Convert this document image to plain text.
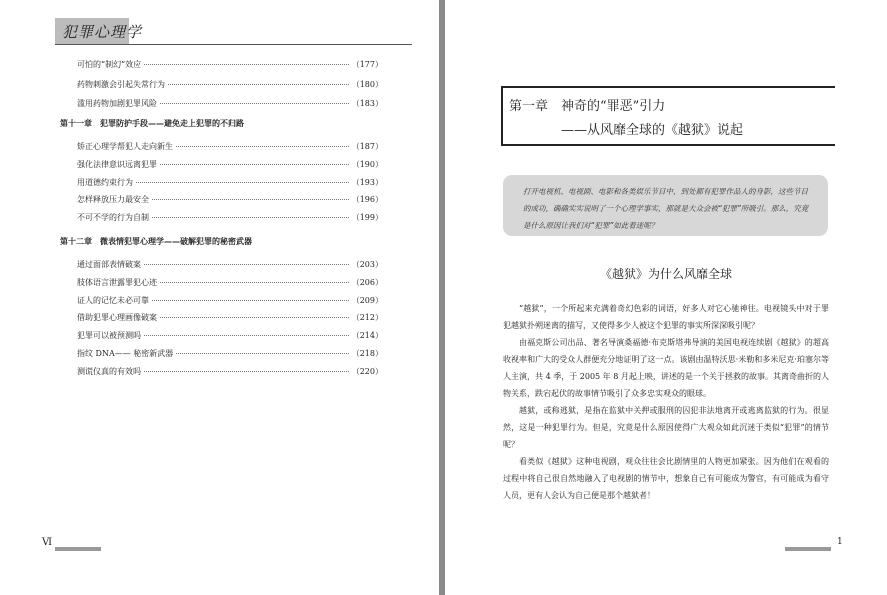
犯罪心理学
可怕的“制幻”效应	（177）
药物刺激会引起失常行为	（180）
滥用药物加剧犯罪风险	（183）
第十一章　犯罪防护手段——避免走上犯罪的不归路
矫正心理学帮犯人走向新生	（187）
强化法律意识远离犯罪	（190）
用道德约束行为	（193）
怎样释放压力最安全	（196）
不可不学的行为自制	（199）
第十二章　微表情犯罪心理学——破解犯罪的秘密武器
通过面部表情破案	（203）
肢体语言泄露罪犯心迹	（206）
证人的记忆未必可靠	（209）
借助犯罪心理画像破案	（212）
犯罪可以被预测吗	（214）
指纹 DNA—— 秘密新武器	（218）
测谎仪真的有效吗	（220）
Ⅵ
第一章　神奇的“罪恶”引力
——从风靡全球的《越狱》说起
打开电视机、电视剧、电影和各类娱乐节目中，到处都有犯罪作品人的身影，这些节目的成功，确确实实说明了一个心理学事实，那就是大众会被“犯罪”所吸引。那么，究竟是什么原因让我们对“犯罪”如此着迷呢？
《越狱》为什么风靡全球

“越狱”，一个所起来充满着奇幻色彩的词语，好多人对它心驰神往。电视镜头中对于罪犯越狱扑朔迷离的描写，又使得多少人被这个犯罪的事实所深深吸引呢？

由福克斯公司出品、著名导演桑福德·布克斯塔弗导演的美国电视连续剧《越狱》的超高收视率和广大的受众人群便充分地证明了这一点。该剧由温特沃思·米勒和多米尼克·珀塞尔等人主演，共 4 季，于 2005 年 8 月起上映，讲述的是一个关于拯救的故事。其离奇曲折的人物关系，跌宕起伏的故事情节吸引了众多忠实观众的眼球。

越狱，或称逃狱，是指在监狱中关押或服刑的囚犯非法地离开或逃离监狱的行为。很显然，这是一种犯罪行为。但是，究竟是什么原因使得广大观众如此沉迷于类似“犯罪”的情节呢？

看类似《越狱》这种电视剧，观众往往会比剧情里的人物更加紧张。因为他们在观看的过程中将自己很自然地融入了电视剧的情节中，想象自己有可能成为警官，有可能成为看守人员，更有人会认为自己便是那个越狱者！

1
